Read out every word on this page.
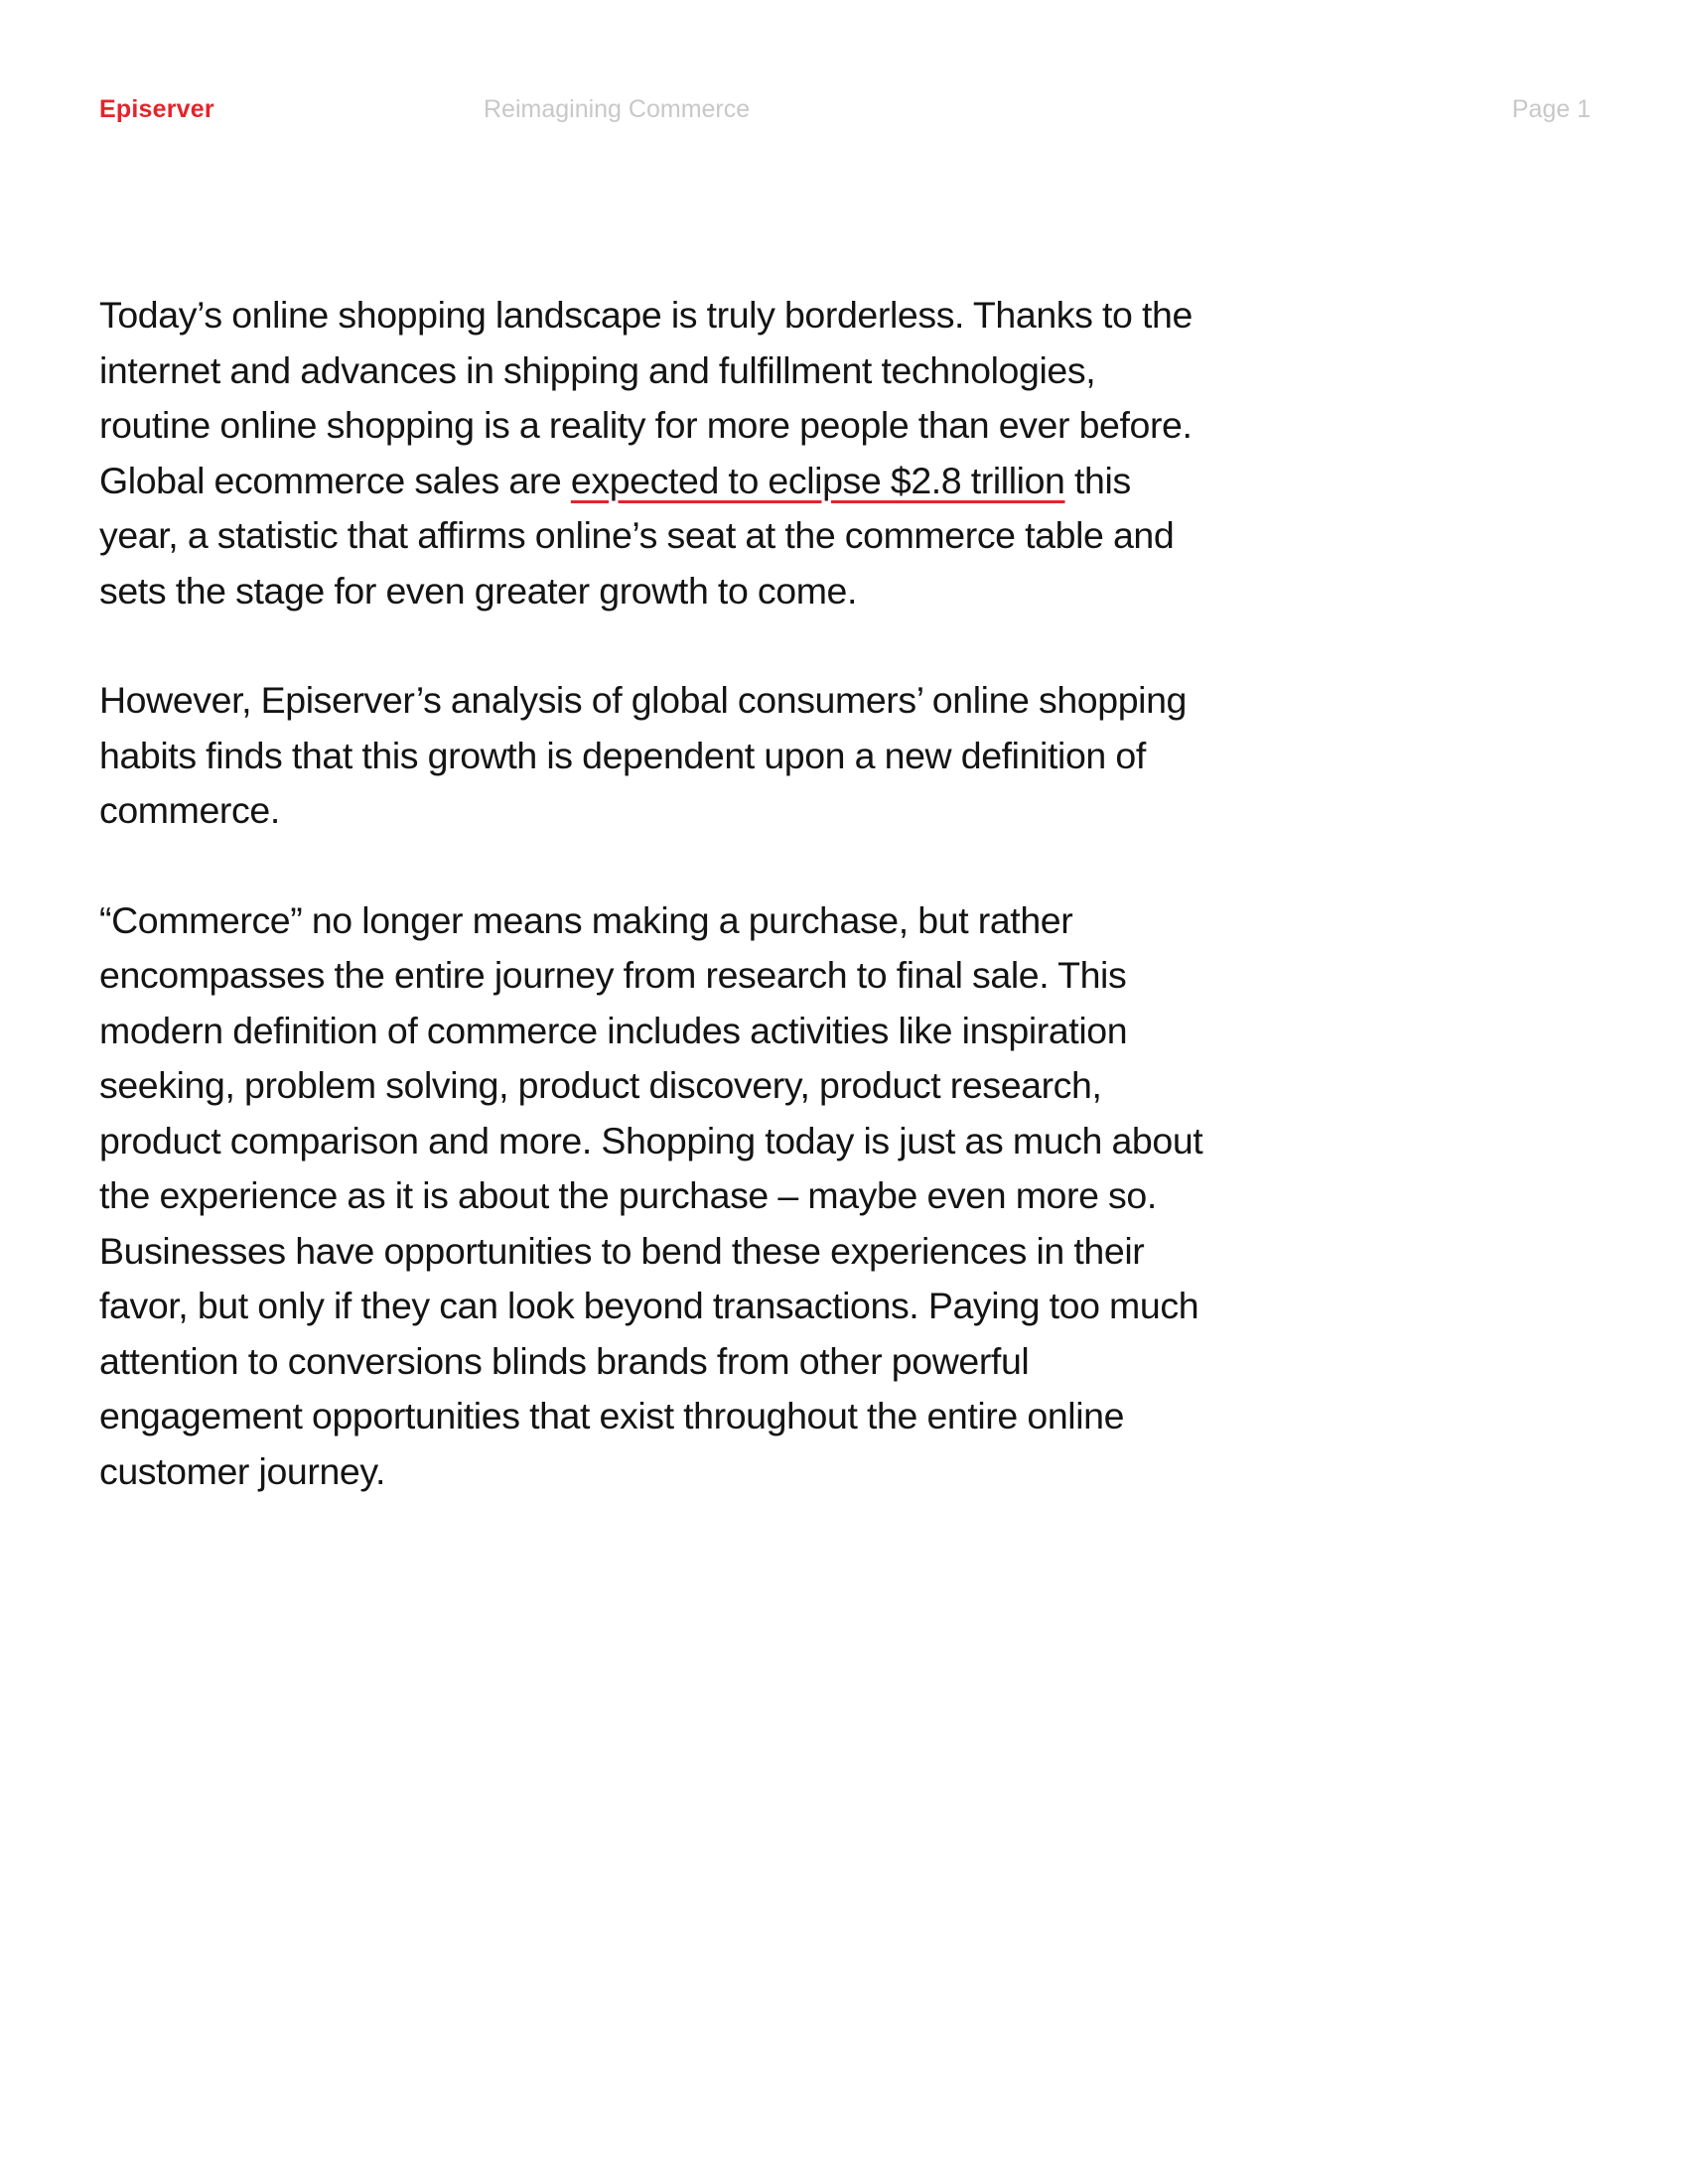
Episerver	Reimagining Commerce	Page 1

Today’s online shopping landscape is truly borderless. Thanks to the internet and advances in shipping and fulfillment technologies, routine online shopping is a reality for more people than ever before. Global ecommerce sales are expected to eclipse $2.8 trillion this year, a statistic that affirms online’s seat at the commerce table and sets the stage for even greater growth to come.

However, Episerver’s analysis of global consumers’ online shopping habits finds that this growth is dependent upon a new definition of commerce.

“Commerce” no longer means making a purchase, but rather encompasses the entire journey from research to final sale. This modern definition of commerce includes activities like inspiration seeking, problem solving, product discovery, product research, product comparison and more. Shopping today is just as much about the experience as it is about the purchase – maybe even more so. Businesses have opportunities to bend these experiences in their favor, but only if they can look beyond transactions. Paying too much attention to conversions blinds brands from other powerful engagement opportunities that exist throughout the entire online customer journey.
